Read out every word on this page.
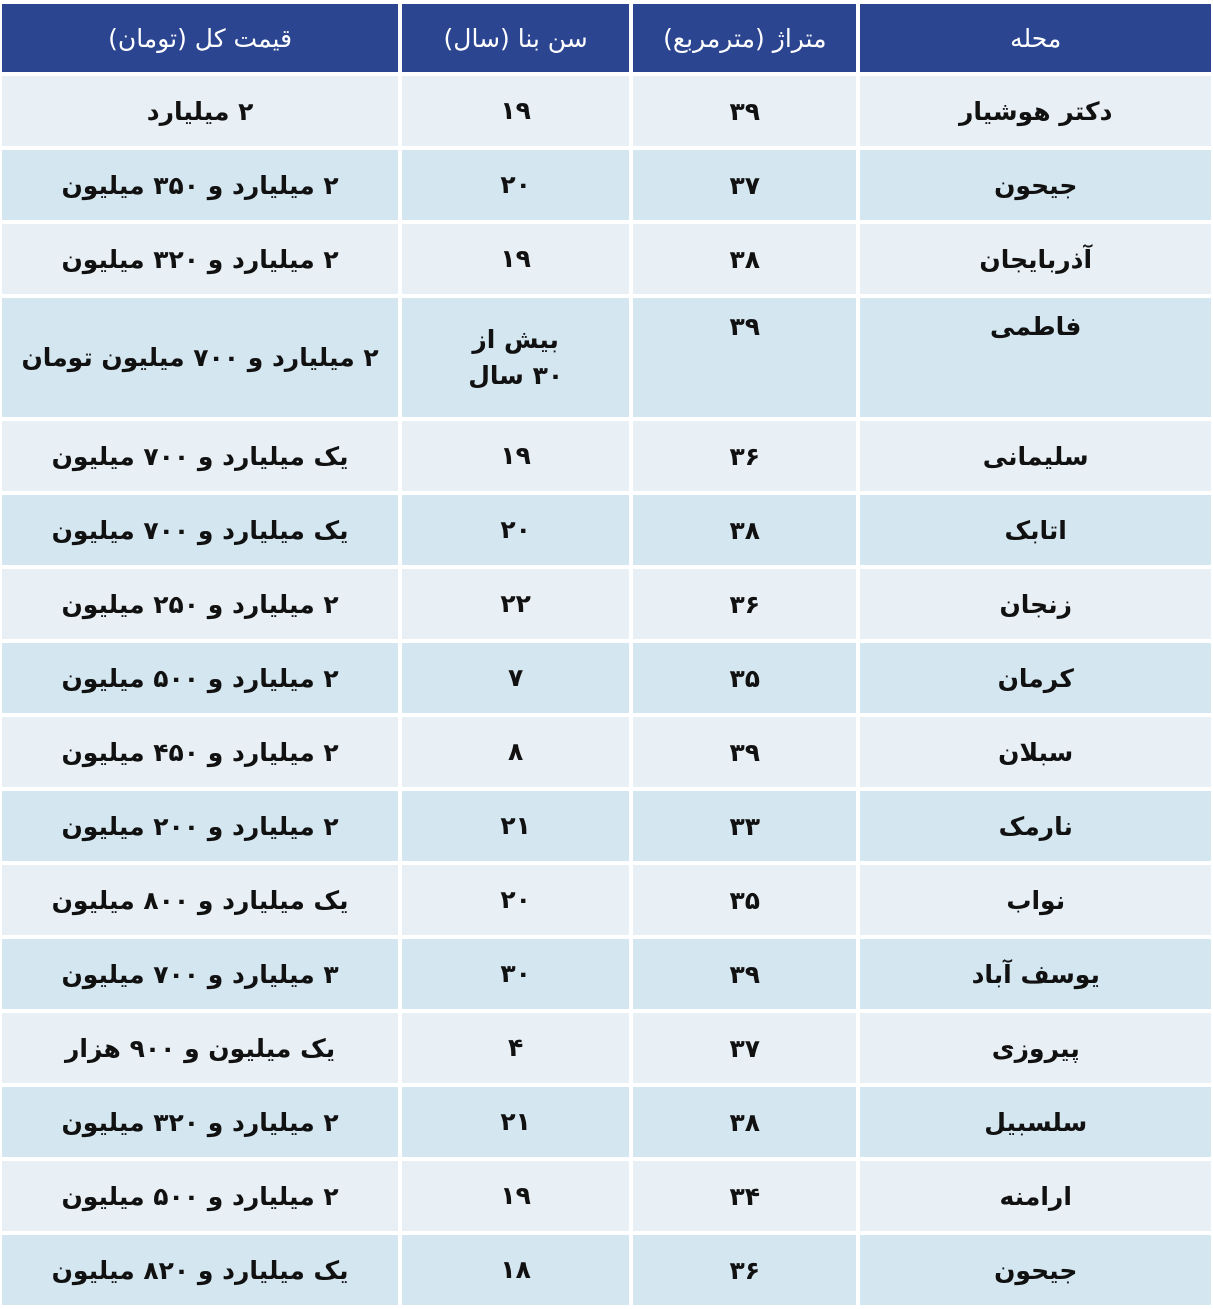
محله	متراژ (مترمربع)	سن بنا (سال)	قیمت کل (تومان)
دکتر هوشیار	۳۹	۱۹	۲ میلیارد
جیحون	۳۷	۲۰	۲ میلیارد و ۳۵۰ میلیون
آذربایجان	۳۸	۱۹	۲ میلیارد و ۳۲۰ میلیون
فاطمی	۳۹	بیش از ۳۰ سال	۲ میلیارد و ۷۰۰ میلیون تومان
سلیمانی	۳۶	۱۹	یک میلیارد و ۷۰۰ میلیون
اتابک	۳۸	۲۰	یک میلیارد و ۷۰۰ میلیون
زنجان	۳۶	۲۲	۲ میلیارد و ۲۵۰ میلیون
کرمان	۳۵	۷	۲ میلیارد و ۵۰۰ میلیون
سبلان	۳۹	۸	۲ میلیارد و ۴۵۰ میلیون
نارمک	۳۳	۲۱	۲ میلیارد و ۲۰۰ میلیون
نواب	۳۵	۲۰	یک میلیارد و ۸۰۰ میلیون
یوسف آباد	۳۹	۳۰	۳ میلیارد و ۷۰۰ میلیون
پیروزی	۳۷	۴	یک میلیون و ۹۰۰ هزار
سلسبیل	۳۸	۲۱	۲ میلیارد و ۳۲۰ میلیون
ارامنه	۳۴	۱۹	۲ میلیارد و ۵۰۰ میلیون
جیحون	۳۶	۱۸	یک میلیارد و ۸۲۰ میلیون
